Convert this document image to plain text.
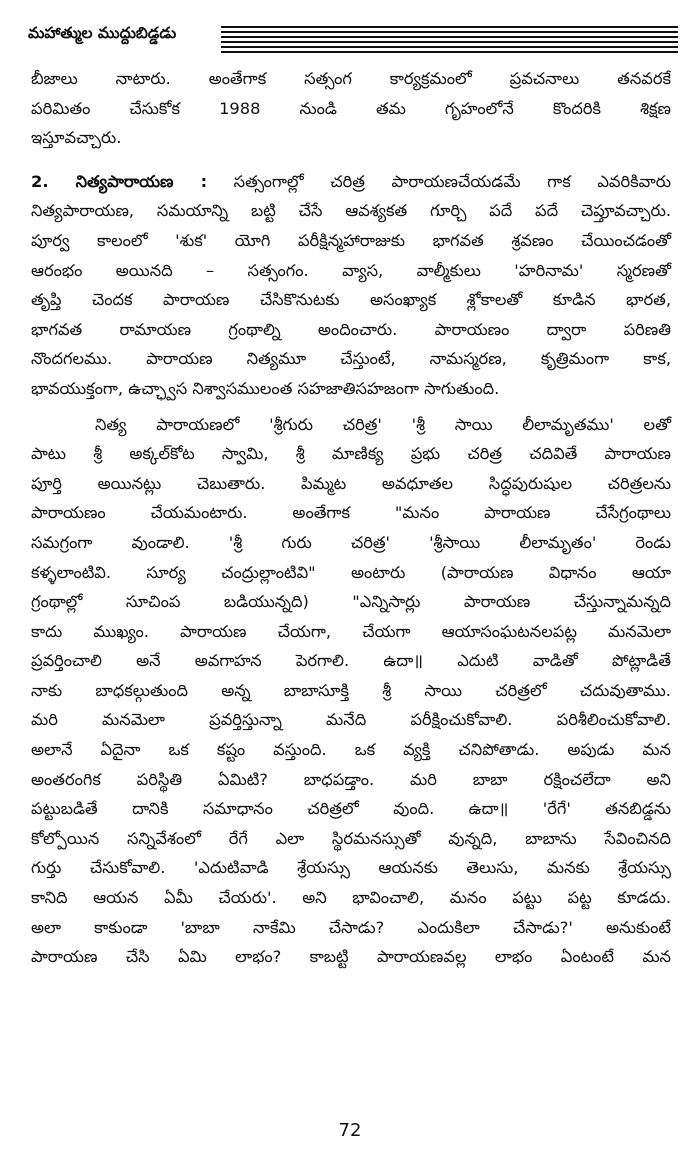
మహాత్ముల ముద్దుబిడ్డడు
బీజాలు నాటారు. అంతేగాక సత్సంగ కార్యక్రమంలో ప్రవచనాలు తనవరకే
పరిమితం చేసుకోక 1988 నుండి తమ గృహంలోనే కొందరికి శిక్షణ
ఇస్తూవచ్చారు.
2. నిత్యపారాయణ : సత్సంగాల్లో చరిత్ర పారాయణచేయడమే గాక ఎవరికివారు
నిత్యపారాయణ, సమయాన్ని బట్టి చేసే ఆవశ్యకత గూర్చి పదే పదే చెప్తూవచ్చారు.
పూర్వ కాలంలో 'శుక' యోగి పరీక్షిన్మహారాజుకు భాగవత శ్రవణం చేయించడంతో
ఆరంభం అయినది – సత్సంగం. వ్యాస, వాల్మీకులు 'హరినామ' స్మరణతో
తృప్తి చెందక పారాయణ చేసికొనుటకు అసంఖ్యాక శ్లోకాలతో కూడిన భారత,
భాగవత రామాయణ గ్రంథాల్ని అందించారు. పారాయణం ద్వారా పరిణతి
నొందగలము. పారాయణ నిత్యమూ చేస్తుంటే, నామస్మరణ, కృత్రిమంగా కాక,
భావయుక్తంగా, ఉచ్ఛ్వాస నిశ్వాసములంత సహజాతిసహజంగా సాగుతుంది.
నిత్య పారాయణలో 'శ్రీగురు చరిత్ర' 'శ్రీ సాయి లీలామృతము' లతో
పాటు శ్రీ అక్కల్‌కోట స్వామి, శ్రీ మాణిక్య ప్రభు చరిత్ర చదివితే పారాయణ
పూర్తి అయినట్లు చెబుతారు. పిమ్మట అవధూతల సిద్ధపురుషుల చరిత్రలను
పారాయణం చేయమంటారు. అంతేగాక "మనం పారాయణ చేసేగ్రంథాలు
సమగ్రంగా వుండాలి. 'శ్రీ గురు చరిత్ర' 'శ్రీసాయి లీలామృతం' రెండు
కళ్ళలాంటివి. సూర్య చంద్రుల్లాంటివి" అంటారు (పారాయణ విధానం ఆయా
గ్రంథాల్లో సూచింప బడియున్నది) "ఎన్నిసార్లు పారాయణ చేస్తున్నామన్నది
కాదు ముఖ్యం. పారాయణ చేయగా, చేయగా ఆయాసంఘటనలపట్ల మనమెలా
ప్రవర్తించాలి అనే అవగాహన పెరగాలి. ఉదా॥ ఎదుటి వాడితో పోట్లాడితే
నాకు బాధకల్గుతుంది అన్న బాబాసూక్తి శ్రీ సాయి చరిత్రలో చదువుతాము.
మరి మనమెలా ప్రవర్తిస్తున్నా మనేది పరీక్షించుకోవాలి. పరిశీలించుకోవాలి.
అలానే ఏదైనా ఒక కష్టం వస్తుంది. ఒక వ్యక్తి చనిపోతాడు. అపుడు మన
అంతరంగిక పరిస్థితి ఏమిటి? బాధపడ్తాం. మరి బాబా రక్షించలేదా అని
పట్టుబడితే దానికి సమాధానం చరిత్రలో వుంది. ఉదా॥ 'రేగే' తనబిడ్డను
కోల్పోయిన సన్నివేశంలో రేగే ఎలా స్థిరమనస్సుతో వున్నది, బాబాను సేవించినది
గుర్తు చేసుకోవాలి. 'ఎదుటివాడి శ్రేయస్సు ఆయనకు తెలుసు, మనకు శ్రేయస్సు
కానిది ఆయన ఏమీ చేయరు'. అని భావించాలి, మనం పట్టు పట్ట కూడదు.
అలా కాకుండా 'బాబా నాకేమి చేసాడు? ఎందుకిలా చేసాడు?' అనుకుంటే
పారాయణ చేసి ఏమి లాభం? కాబట్టి పారాయణవల్ల లాభం ఏంటంటే మన
72
